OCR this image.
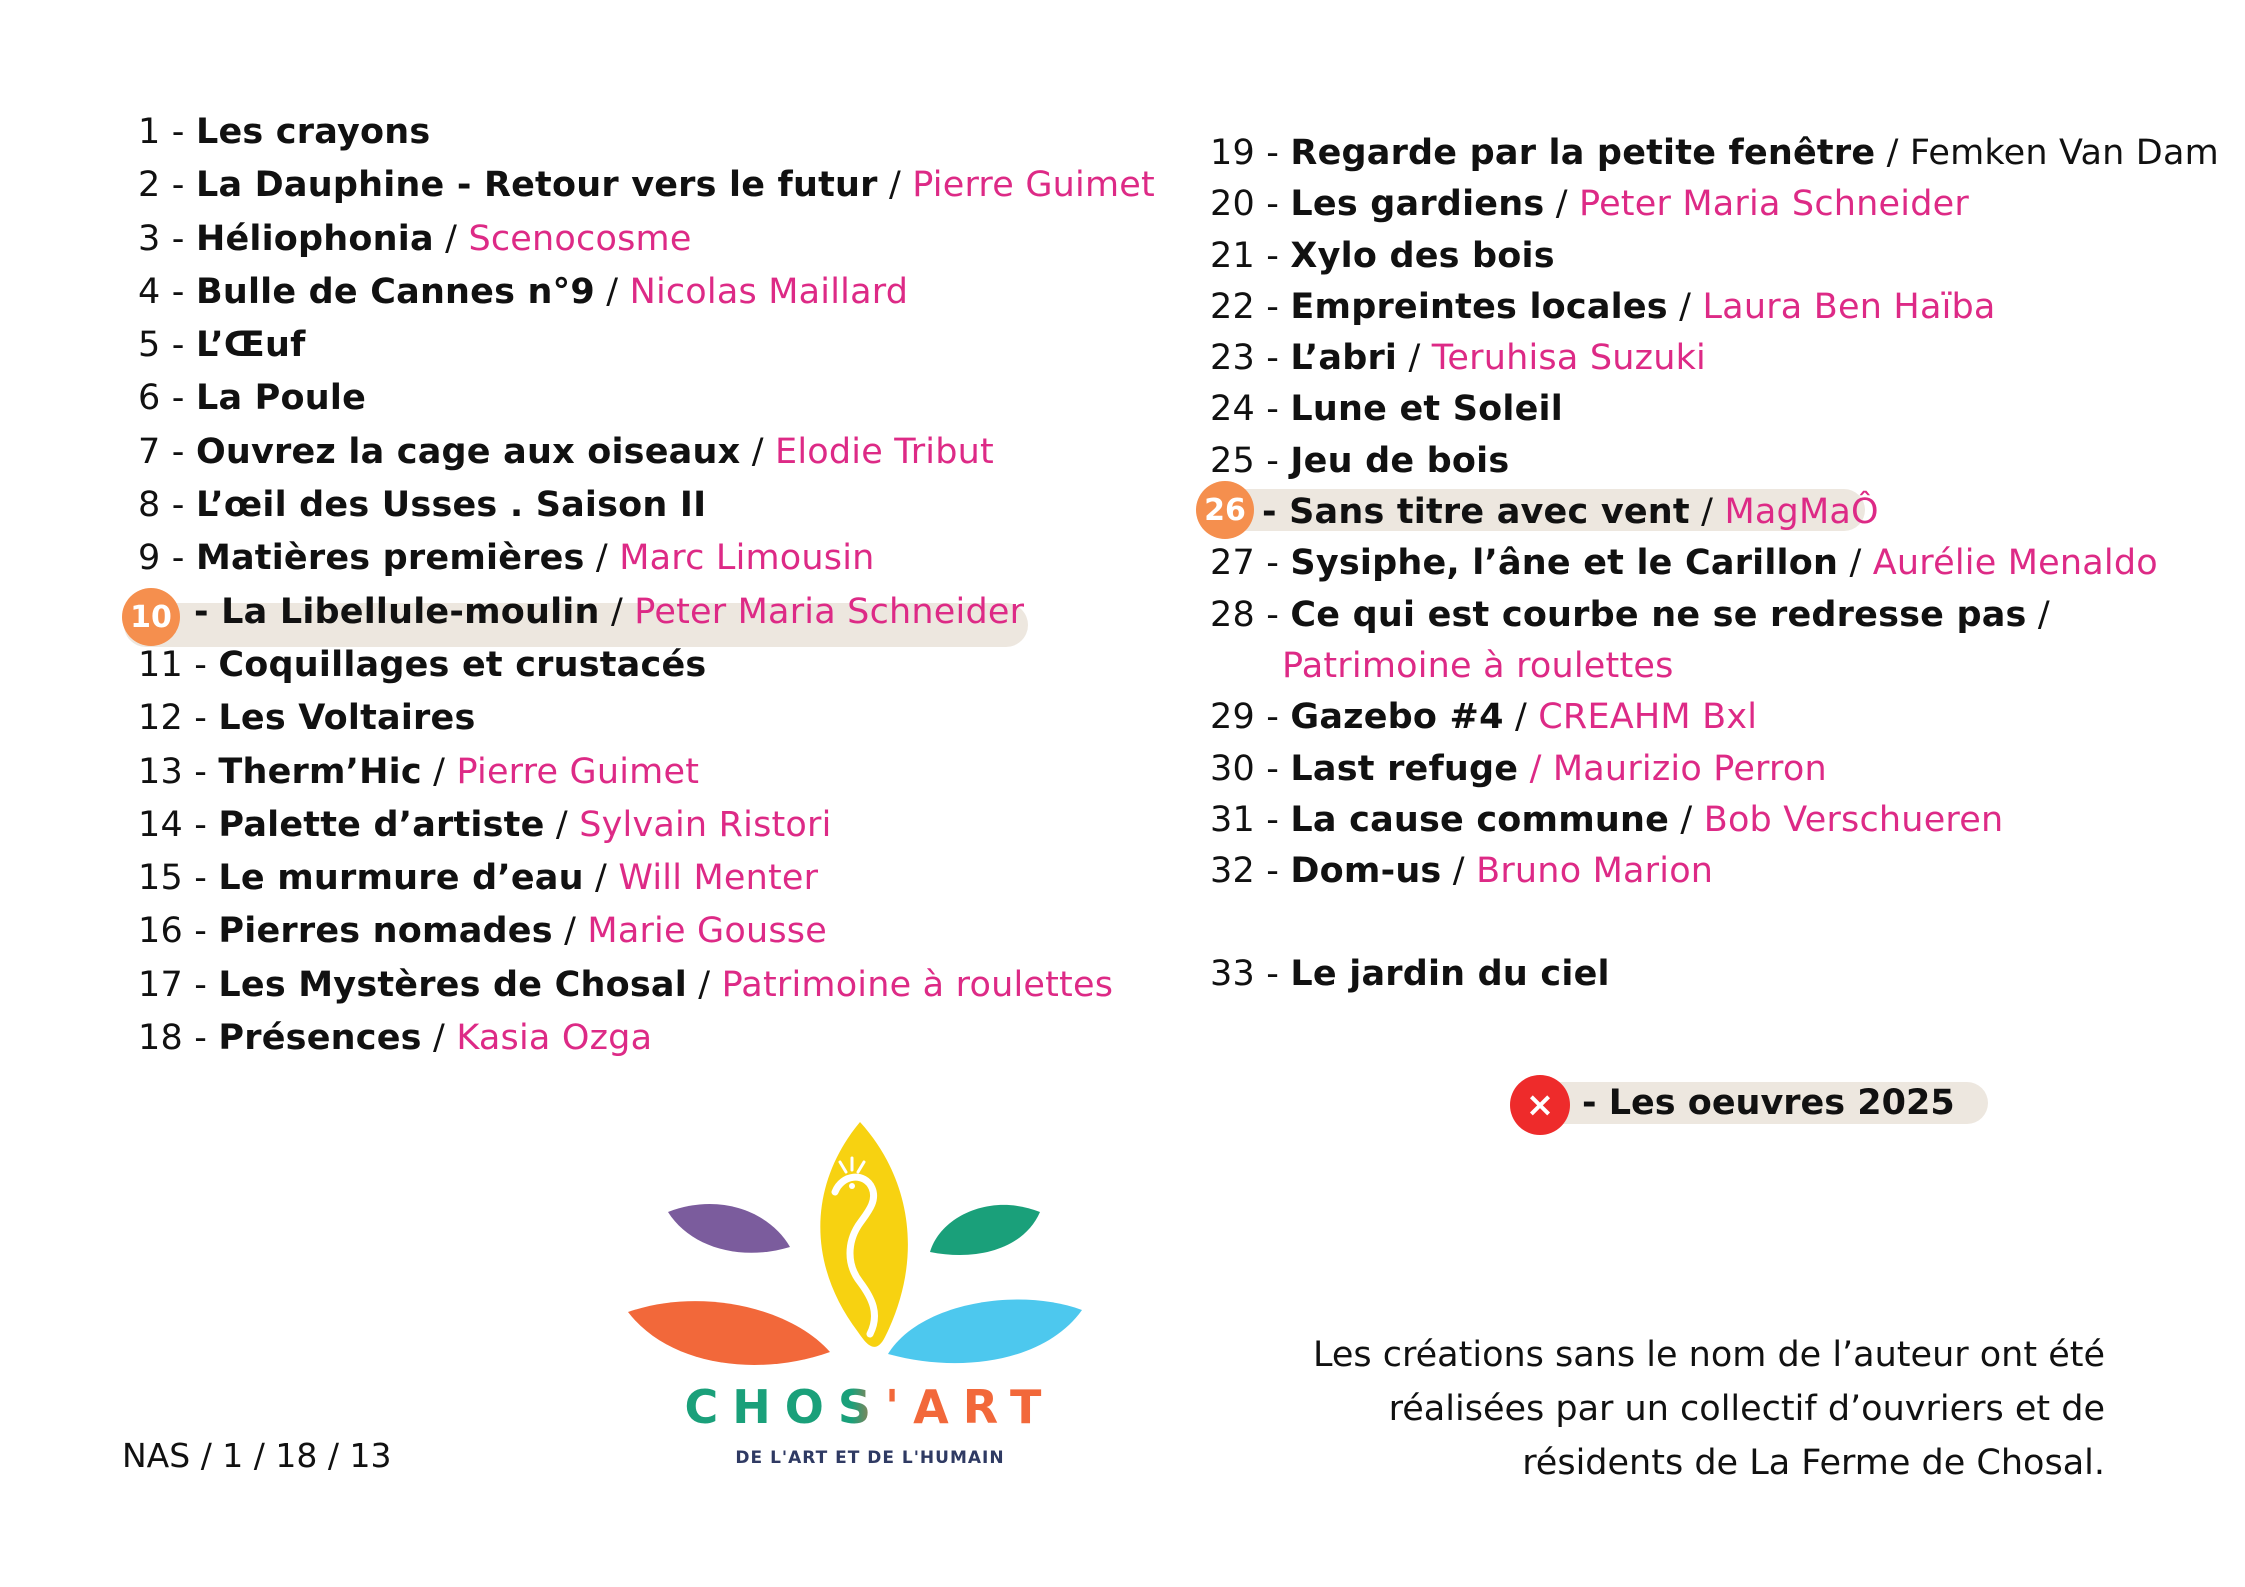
10
1 - Les crayons
2 - La Dauphine - Retour vers le futur / Pierre Guimet
3 - Héliophonia / Scenocosme
4 - Bulle de Cannes n°9 / Nicolas Maillard
5 - L’Œuf
6 - La Poule
7 - Ouvrez la cage aux oiseaux / Elodie Tribut
8 - L’œil des Usses . Saison II
9 - Matières premières / Marc Limousin
- La Libellule-moulin / Peter Maria Schneider
11 - Coquillages et crustacés
12 - Les Voltaires
13 - Therm’Hic / Pierre Guimet
14 - Palette d’artiste / Sylvain Ristori
15 - Le murmure d’eau / Will Menter
16 - Pierres nomades / Marie Gousse
17 - Les Mystères de Chosal / Patrimoine à roulettes
18 - Présences / Kasia Ozga
26
19 - Regarde par la petite fenêtre / Femken Van Dam
20 - Les gardiens / Peter Maria Schneider
21 - Xylo des bois
22 - Empreintes locales / Laura Ben Haïba
23 - L’abri / Teruhisa Suzuki
24 - Lune et Soleil
25 - Jeu de bois
- Sans titre avec vent / MagMaÔ
27 - Sysiphe, l’âne et le Carillon / Aurélie Menaldo
28 - Ce qui est courbe ne se redresse pas /
Patrimoine à roulettes
29 - Gazebo #4 / CREAHM Bxl
30 - Last refuge / Maurizio Perron
31 - La cause commune / Bob Verschueren
32 - Dom-us / Bruno Marion
33 - Le jardin du ciel
× - Les oeuvres 2025
CHOS'ART
DE L'ART ET DE L'HUMAIN
Les créations sans le nom de l’auteur ont été
réalisées par un collectif d’ouvriers et de
résidents de La Ferme de Chosal.
NAS / 1 / 18 / 13
